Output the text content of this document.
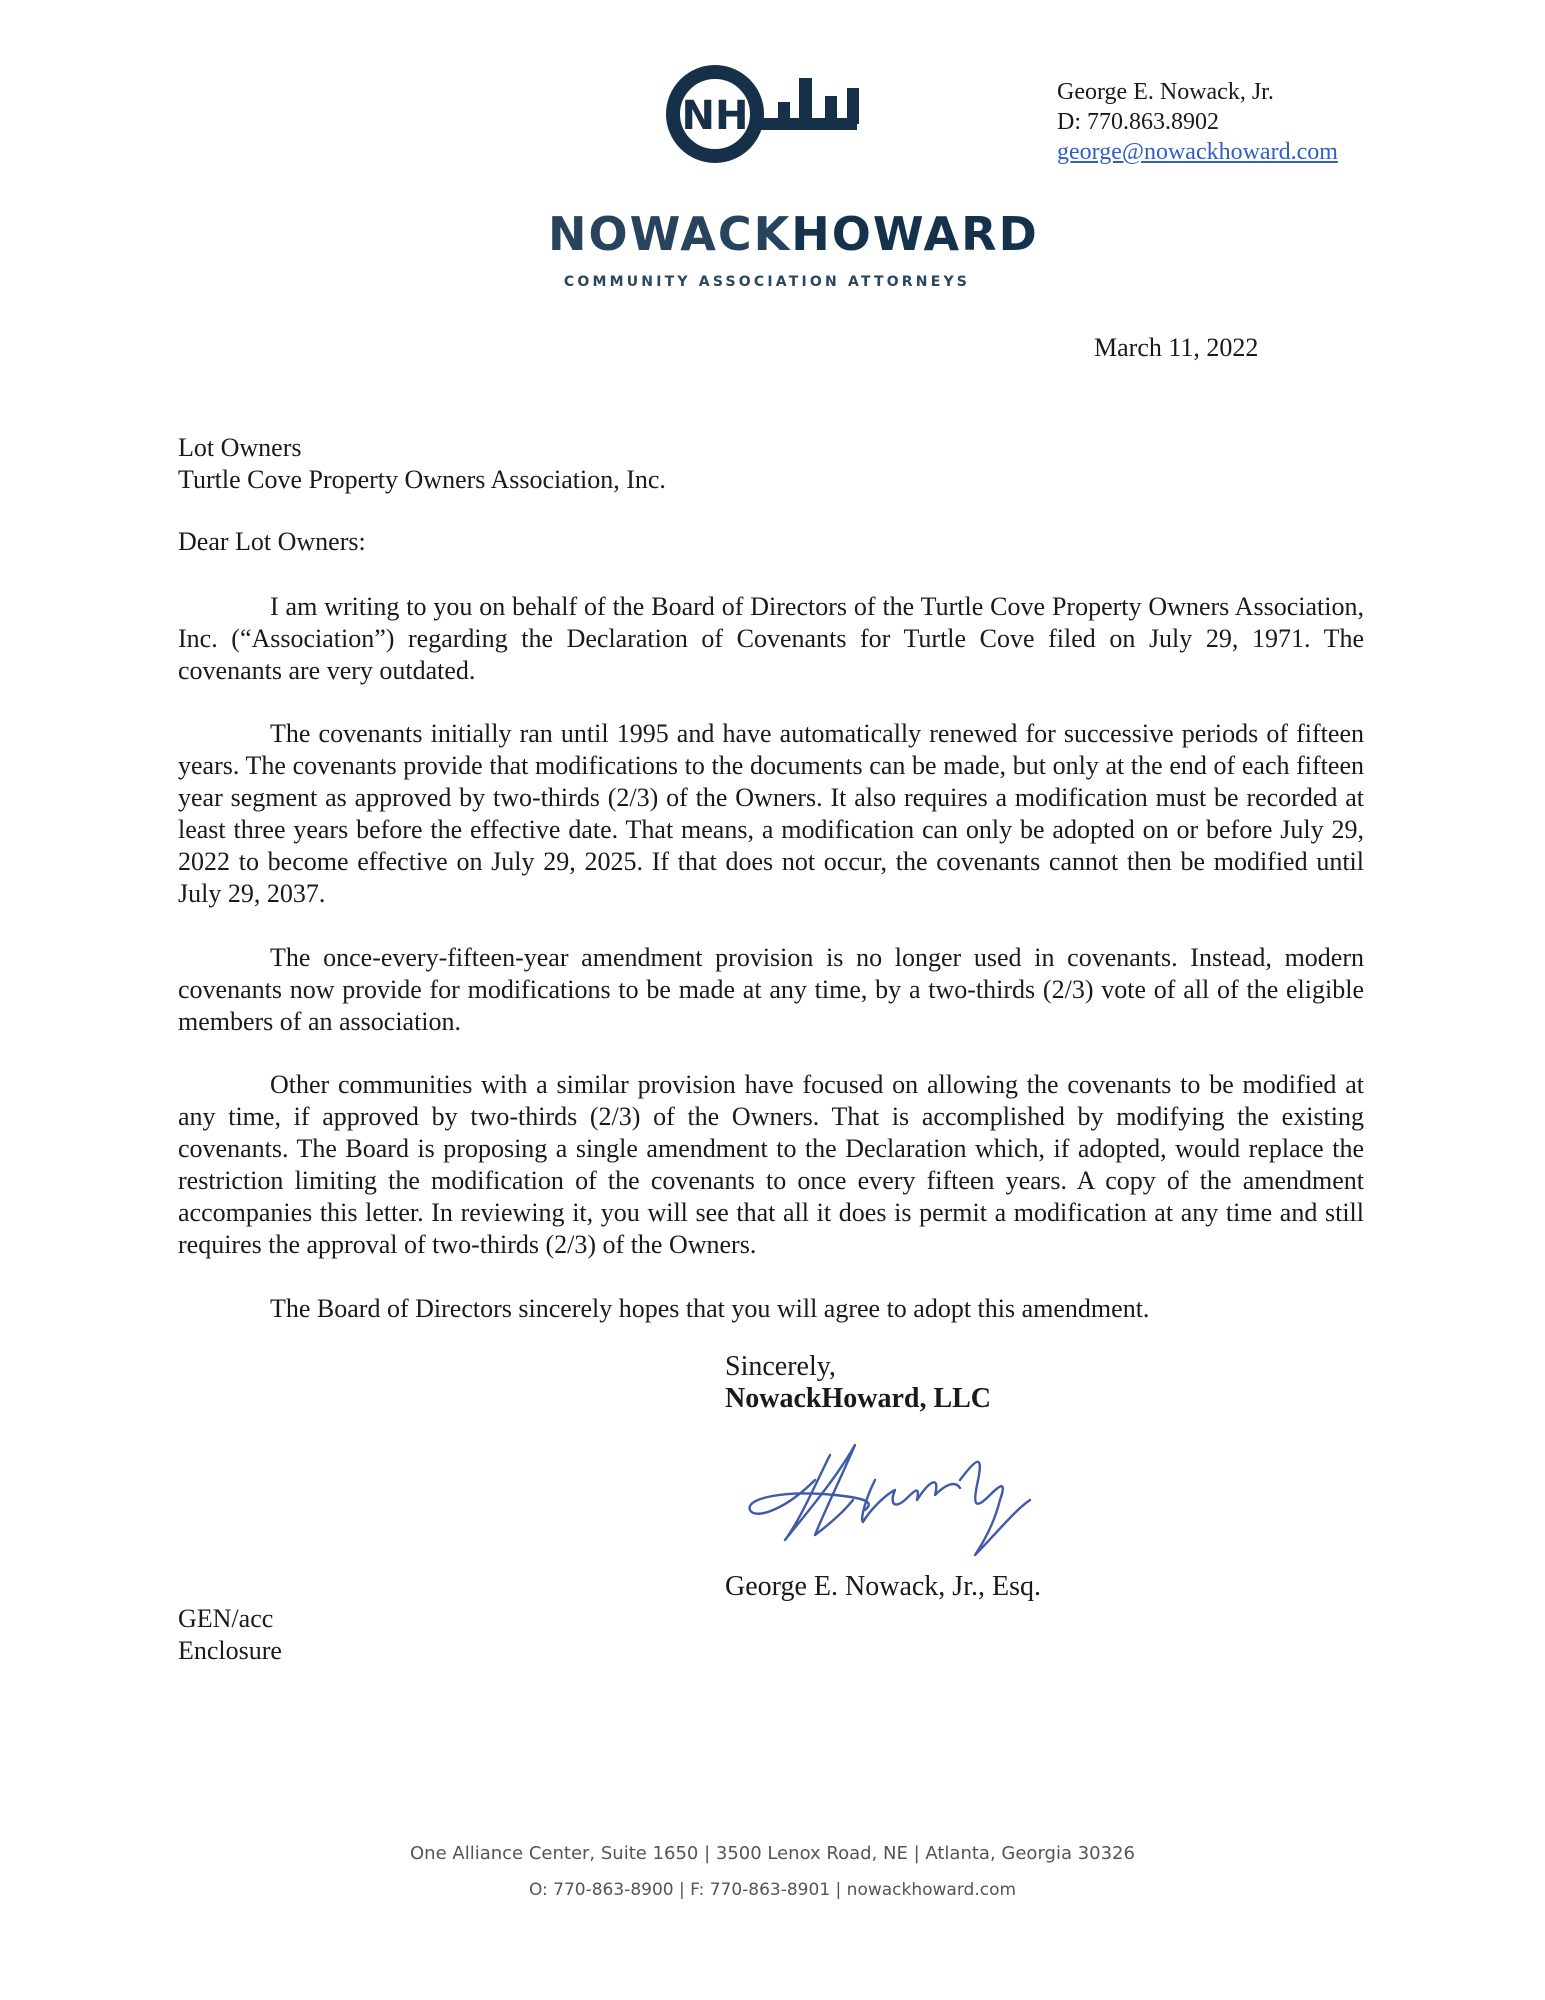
NH
George E. Nowack, Jr.
D: 770.863.8902
george@nowackhoward.com
NOWACKHOWARD
COMMUNITY ASSOCIATION ATTORNEYS
March 11, 2022
Lot Owners
Turtle Cove Property Owners Association, Inc.
Dear Lot Owners:
I am writing to you on behalf of the Board of Directors of the Turtle Cove Property Owners Association, Inc. (“Association”) regarding the Declaration of Covenants for Turtle Cove filed on July 29, 1971. The covenants are very outdated.
The covenants initially ran until 1995 and have automatically renewed for successive periods of fifteen years. The covenants provide that modifications to the documents can be made, but only at the end of each fifteen year segment as approved by two-thirds (2/3) of the Owners. It also requires a modification must be recorded at least three years before the effective date. That means, a modification can only be adopted on or before July 29, 2022 to become effective on July 29, 2025. If that does not occur, the covenants cannot then be modified until July 29, 2037.
The once-every-fifteen-year amendment provision is no longer used in covenants. Instead, modern covenants now provide for modifications to be made at any time, by a two-thirds (2/3) vote of all of the eligible members of an association.
Other communities with a similar provision have focused on allowing the covenants to be modified at any time, if approved by two-thirds (2/3) of the Owners. That is accomplished by modifying the existing covenants. The Board is proposing a single amendment to the Declaration which, if adopted, would replace the restriction limiting the modification of the covenants to once every fifteen years. A copy of the amendment accompanies this letter. In reviewing it, you will see that all it does is permit a modification at any time and still requires the approval of two-thirds (2/3) of the Owners.
The Board of Directors sincerely hopes that you will agree to adopt this amendment.
Sincerely,
NowackHoward, LLC
George E. Nowack, Jr., Esq.
GEN/acc
Enclosure
One Alliance Center, Suite 1650 | 3500 Lenox Road, NE | Atlanta, Georgia 30326
O: 770-863-8900 | F: 770-863-8901 | nowackhoward.com
